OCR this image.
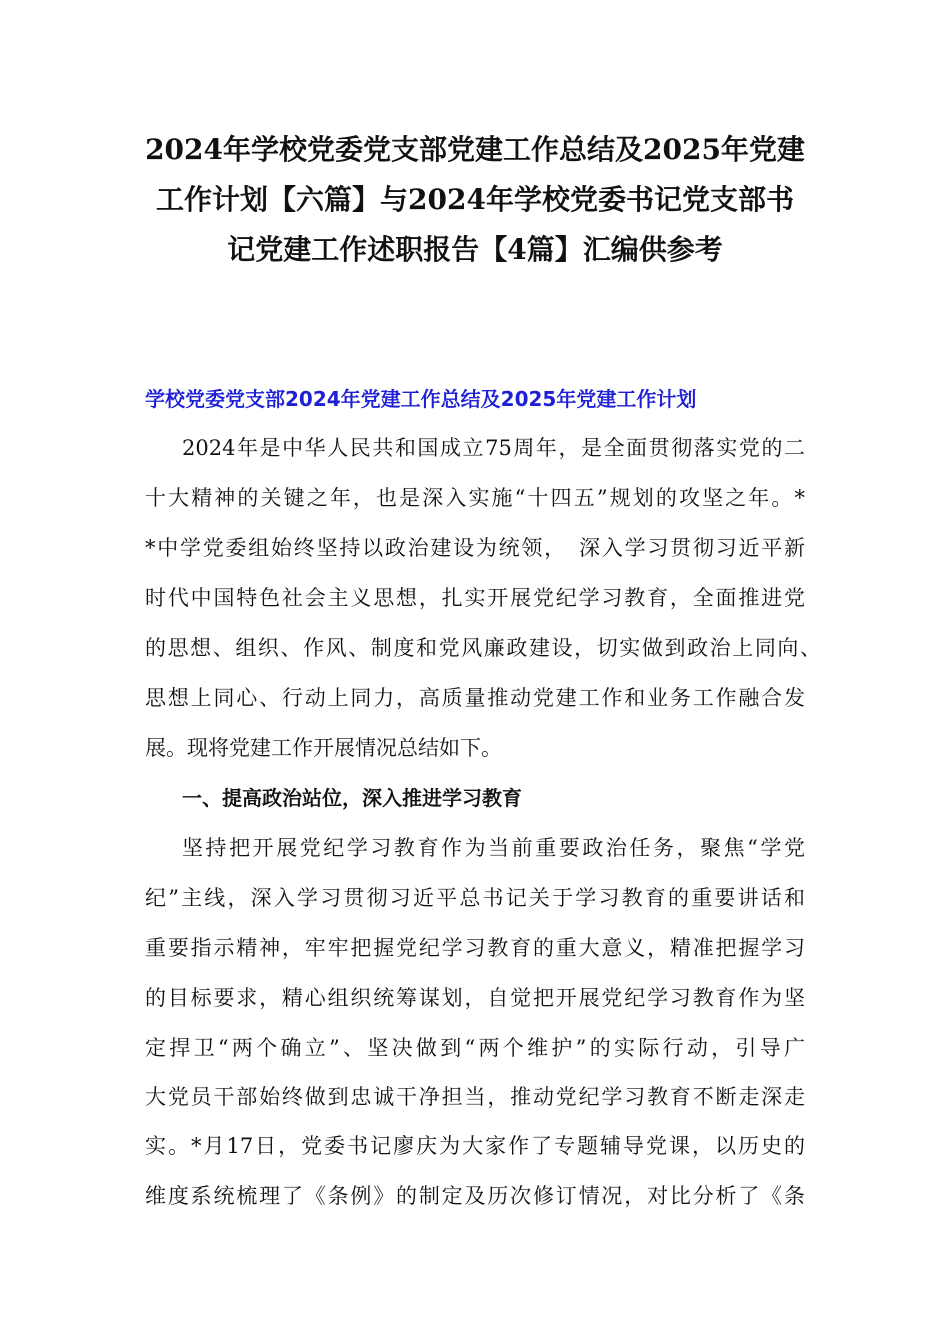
2024年学校党委党支部党建工作总结及2025年党建
工作计划【六篇】与2024年学校党委书记党支部书
记党建工作述职报告【4篇】汇编供参考
学校党委党支部2024年党建工作总结及2025年党建工作计划
2024年是中华人民共和国成立75周年，是全面贯彻落实党的二
十大精神的关键之年，也是深入实施“十四五”规划的攻坚之年。*
*中学党委组始终坚持以政治建设为统领，　深入学习贯彻习近平新
时代中国特色社会主义思想，扎实开展党纪学习教育，全面推进党
的思想、组织、作风、制度和党风廉政建设，切实做到政治上同向、
思想上同心、行动上同力，高质量推动党建工作和业务工作融合发
展。现将党建工作开展情况总结如下。
一、提高政治站位，深入推进学习教育
坚持把开展党纪学习教育作为当前重要政治任务，聚焦“学党
纪”主线，深入学习贯彻习近平总书记关于学习教育的重要讲话和
重要指示精神，牢牢把握党纪学习教育的重大意义，精准把握学习
的目标要求，精心组织统筹谋划，自觉把开展党纪学习教育作为坚
定捍卫“两个确立”、坚决做到“两个维护”的实际行动，引导广
大党员干部始终做到忠诚干净担当，推动党纪学习教育不断走深走
实。*月17日，党委书记廖庆为大家作了专题辅导党课，以历史的
维度系统梳理了《条例》的制定及历次修订情况，对比分析了《条
